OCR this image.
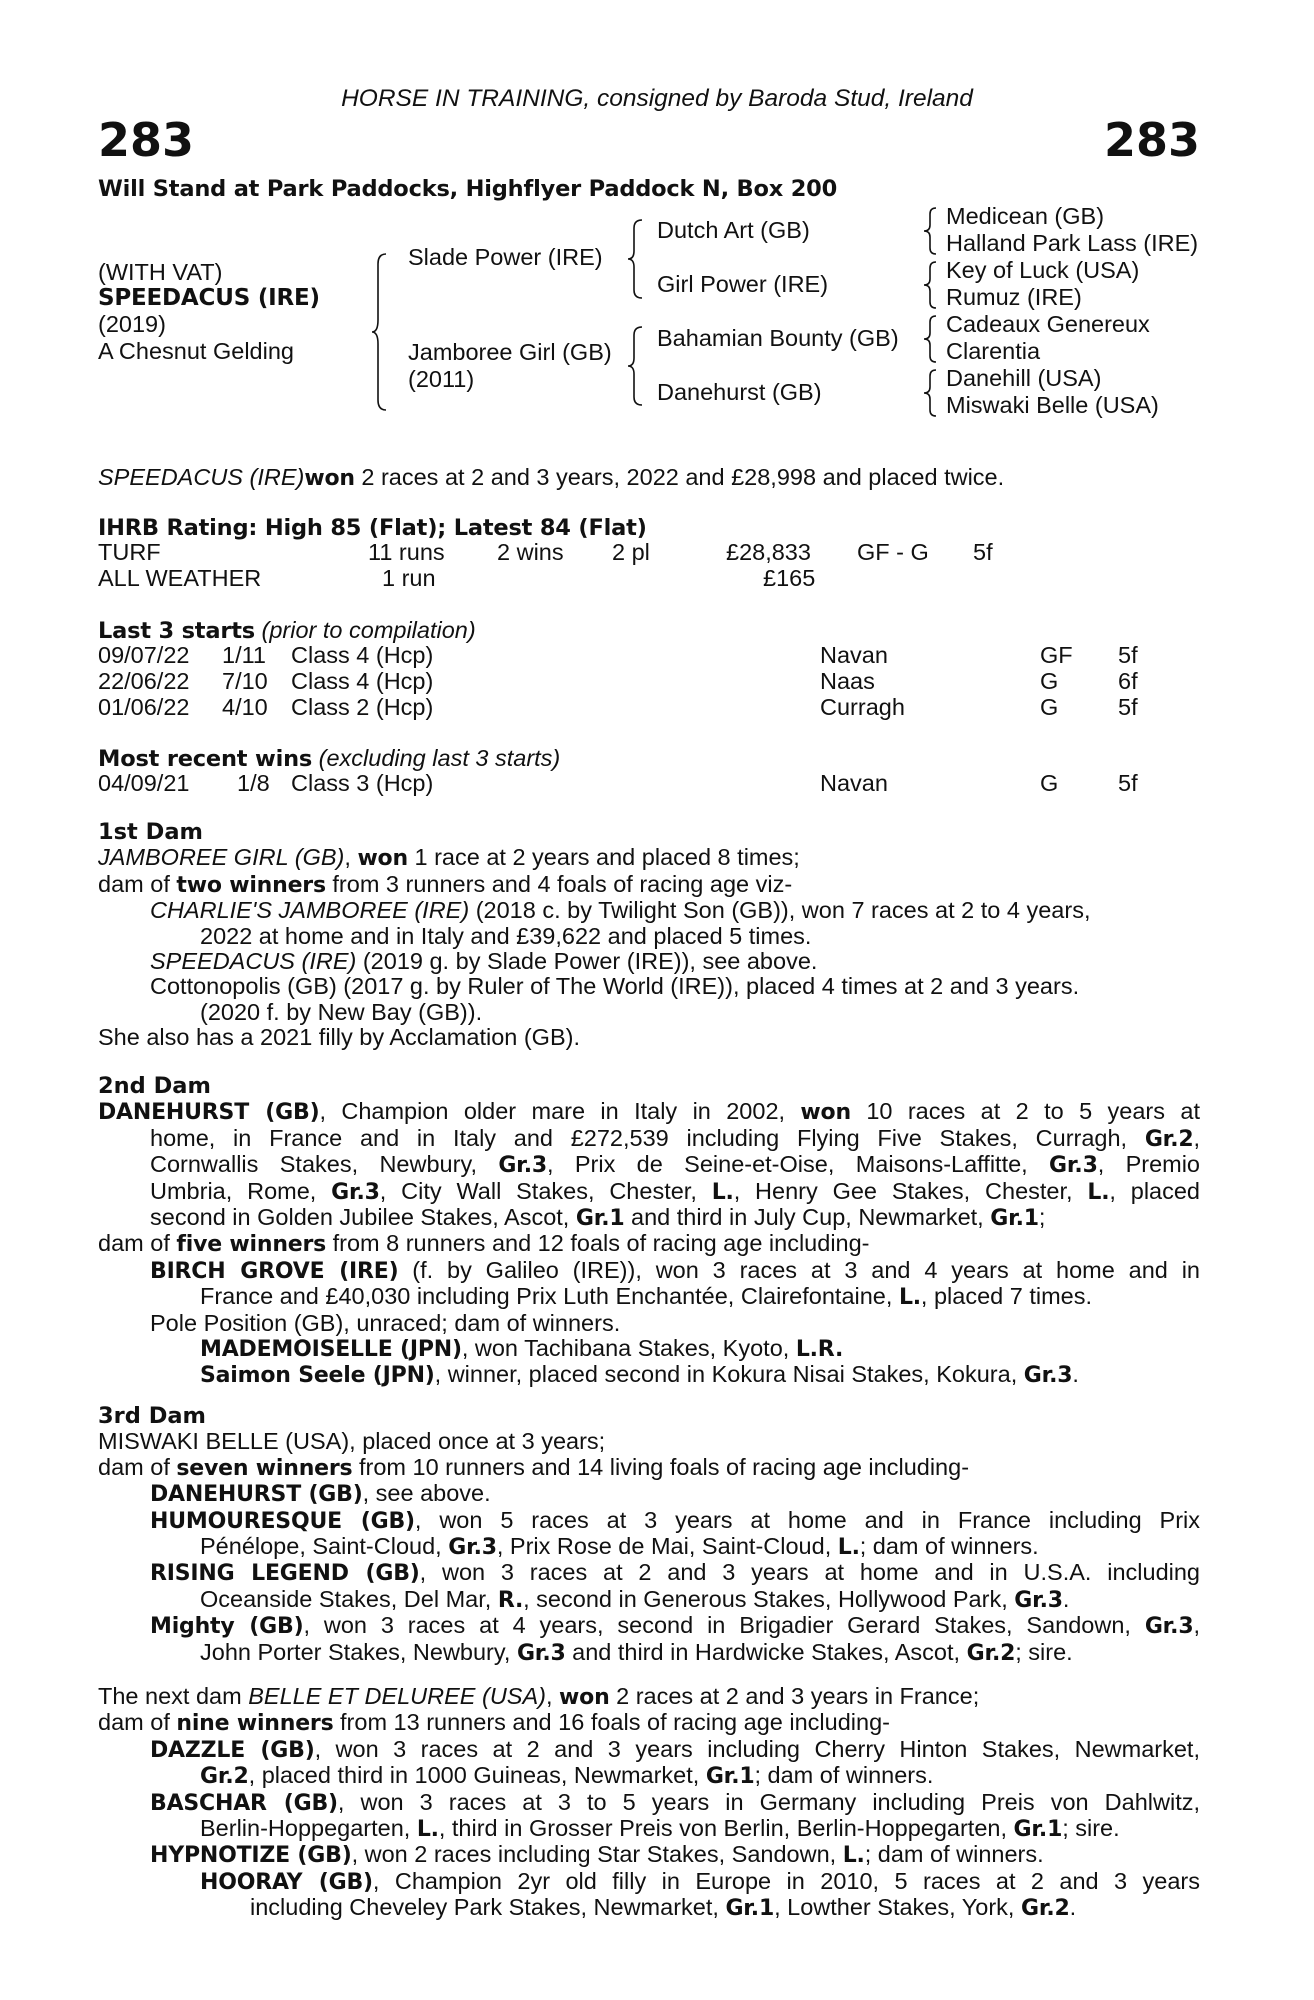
HORSE IN TRAINING, consigned by Baroda Stud, Ireland
283	283
Will Stand at Park Paddocks, Highflyer Paddock N, Box 200
(WITH VAT)
SPEEDACUS (IRE)
(2019)
A Chesnut Gelding
Slade Power (IRE)
Jamboree Girl (GB)
(2011)
Dutch Art (GB)
Girl Power (IRE)
Bahamian Bounty (GB)
Danehurst (GB)
Medicean (GB)
Halland Park Lass (IRE)
Key of Luck (USA)
Rumuz (IRE)
Cadeaux Genereux
Clarentia
Danehill (USA)
Miswaki Belle (USA)
SPEEDACUS (IRE)won 2 races at 2 and 3 years, 2022 and £28,998 and placed twice.
IHRB Rating: High 85 (Flat); Latest 84 (Flat)
TURF	11 runs 2 wins 2 pl	£28,833 GF - G 5f
ALL WEATHER	1 run	£165
Last 3 starts (prior to compilation)
09/07/22 1/11 Class 4 (Hcp)	Navan	GF 5f
22/06/22 7/10 Class 4 (Hcp)	Naas	G	6f
01/06/22 4/10 Class 2 (Hcp)	Curragh	G	5f
Most recent wins (excluding last 3 starts)
04/09/21 1/8 Class 3 (Hcp)	Navan	G	5f
1st Dam
JAMBOREE GIRL (GB), won 1 race at 2 years and placed 8 times;
dam of two winners from 3 runners and 4 foals of racing age viz-
CHARLIE'S JAMBOREE (IRE) (2018 c. by Twilight Son (GB)), won 7 races at 2 to 4 years,
2022 at home and in Italy and £39,622 and placed 5 times.
SPEEDACUS (IRE) (2019 g. by Slade Power (IRE)), see above.
Cottonopolis (GB) (2017 g. by Ruler of The World (IRE)), placed 4 times at 2 and 3 years.
(2020 f. by New Bay (GB)).
She also has a 2021 filly by Acclamation (GB).
2nd Dam
DANEHURST (GB), Champion older mare in Italy in 2002, won 10 races at 2 to 5 years at
home, in France and in Italy and £272,539 including Flying Five Stakes, Curragh, Gr.2,
Cornwallis Stakes, Newbury, Gr.3, Prix de Seine-et-Oise, Maisons-Laffitte, Gr.3, Premio
Umbria, Rome, Gr.3, City Wall Stakes, Chester, L., Henry Gee Stakes, Chester, L., placed
second in Golden Jubilee Stakes, Ascot, Gr.1 and third in July Cup, Newmarket, Gr.1;
dam of five winners from 8 runners and 12 foals of racing age including-
BIRCH GROVE (IRE) (f. by Galileo (IRE)), won 3 races at 3 and 4 years at home and in
France and £40,030 including Prix Luth Enchantée, Clairefontaine, L., placed 7 times.
Pole Position (GB), unraced; dam of winners.
MADEMOISELLE (JPN), won Tachibana Stakes, Kyoto, L.R.
Saimon Seele (JPN), winner, placed second in Kokura Nisai Stakes, Kokura, Gr.3.
3rd Dam
MISWAKI BELLE (USA), placed once at 3 years;
dam of seven winners from 10 runners and 14 living foals of racing age including-
DANEHURST (GB), see above.
HUMOURESQUE (GB), won 5 races at 3 years at home and in France including Prix
Pénélope, Saint-Cloud, Gr.3, Prix Rose de Mai, Saint-Cloud, L.; dam of winners.
RISING LEGEND (GB), won 3 races at 2 and 3 years at home and in U.S.A. including
Oceanside Stakes, Del Mar, R., second in Generous Stakes, Hollywood Park, Gr.3.
Mighty (GB), won 3 races at 4 years, second in Brigadier Gerard Stakes, Sandown, Gr.3,
John Porter Stakes, Newbury, Gr.3 and third in Hardwicke Stakes, Ascot, Gr.2; sire.
The next dam BELLE ET DELUREE (USA), won 2 races at 2 and 3 years in France;
dam of nine winners from 13 runners and 16 foals of racing age including-
DAZZLE (GB), won 3 races at 2 and 3 years including Cherry Hinton Stakes, Newmarket,
Gr.2, placed third in 1000 Guineas, Newmarket, Gr.1; dam of winners.
BASCHAR (GB), won 3 races at 3 to 5 years in Germany including Preis von Dahlwitz,
Berlin-Hoppegarten, L., third in Grosser Preis von Berlin, Berlin-Hoppegarten, Gr.1; sire.
HYPNOTIZE (GB), won 2 races including Star Stakes, Sandown, L.; dam of winners.
HOORAY (GB), Champion 2yr old filly in Europe in 2010, 5 races at 2 and 3 years
including Cheveley Park Stakes, Newmarket, Gr.1, Lowther Stakes, York, Gr.2.
